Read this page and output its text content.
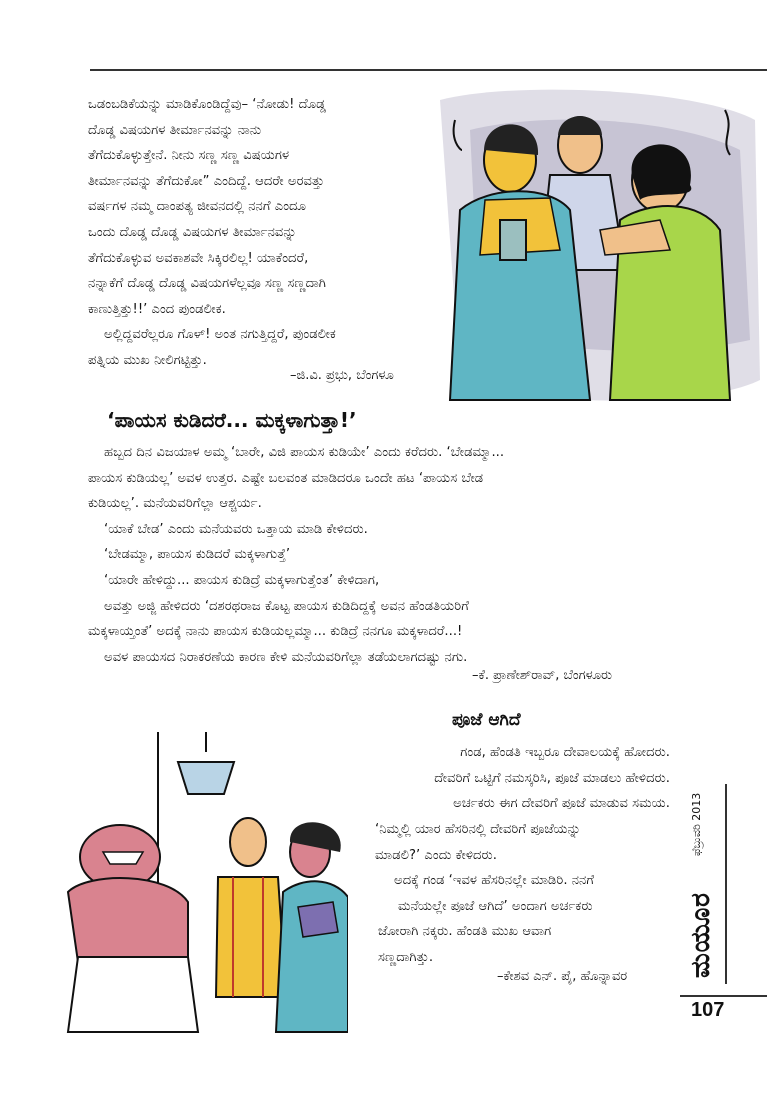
ಒಡಂಬಡಿಕೆಯನ್ನು ಮಾಡಿಕೊಂಡಿದ್ದೆವು– ‘ನೋಡು! ದೊಡ್ಡ
ದೊಡ್ಡ ವಿಷಯಗಳ ತೀರ್ಮಾನವನ್ನು ನಾನು
ತೆಗೆದುಕೊಳ್ಳುತ್ತೇನೆ. ನೀನು ಸಣ್ಣ ಸಣ್ಣ ವಿಷಯಗಳ
ತೀರ್ಮಾನವನ್ನು ತೆಗೆದುಕೋ” ಎಂದಿದ್ದೆ. ಆದರೇ ಅರವತ್ತು
ವರ್ಷಗಳ ನಮ್ಮ ದಾಂಪತ್ಯ ಜೀವನದಲ್ಲಿ ನನಗೆ ಎಂದೂ
ಒಂದು ದೊಡ್ಡ ದೊಡ್ಡ ವಿಷಯಗಳ ತೀರ್ಮಾನವನ್ನು
ತೆಗೆದುಕೊಳ್ಳುವ ಅವಕಾಶವೇ ಸಿಕ್ಕಿರಲಿಲ್ಲ! ಯಾಕೆಂದರೆ,
ನನ್ನಾಕೆಗೆ ದೊಡ್ಡ ದೊಡ್ಡ ವಿಷಯಗಳೆಲ್ಲವೂ ಸಣ್ಣ ಸಣ್ಣದಾಗಿ
ಕಾಣುತ್ತಿತ್ತು!!’ ಎಂದ ಪುಂಡಲೀಕ.
ಅಲ್ಲಿದ್ದವರೆಲ್ಲರೂ ಗೊಳ್! ಅಂತ ನಗುತ್ತಿದ್ದರೆ, ಪುಂಡಲೀಕ
ಪತ್ನಿಯ ಮುಖ ನೀಲಿಗಟ್ಟಿತ್ತು.
–ಜಿ.ವಿ. ಪ್ರಭು, ಬೆಂಗಳೂ
‘ಪಾಯಸ ಕುಡಿದರೆ... ಮಕ್ಕಳಾಗುತ್ತಾ!’
ಹಬ್ಬದ ದಿನ ವಿಜಯಾಳ ಅಮ್ಮ ‘ಬಾರೇ, ವಿಜಿ ಪಾಯಸ ಕುಡಿಯೇ’ ಎಂದು ಕರೆದರು. ‘ಬೇಡಮ್ಮಾ...
ಪಾಯಸ ಕುಡಿಯಲ್ಲ’ ಅವಳ ಉತ್ತರ. ಎಷ್ಟೇ ಬಲವಂತ ಮಾಡಿದರೂ ಒಂದೇ ಹಟ ‘ಪಾಯಸ ಬೇಡ
ಕುಡಿಯಲ್ಲ’. ಮನೆಯವರಿಗೆಲ್ಲಾ ಆಶ್ಚರ್ಯ.
‘ಯಾಕೆ ಬೇಡ’ ಎಂದು ಮನೆಯವರು ಒತ್ತಾಯ ಮಾಡಿ ಕೇಳಿದರು.
‘ಬೇಡಮ್ಮಾ, ಪಾಯಸ ಕುಡಿದರೆ ಮಕ್ಕಳಾಗುತ್ತೆ’
‘ಯಾರೇ ಹೇಳಿದ್ದು... ಪಾಯಸ ಕುಡಿದ್ರೆ ಮಕ್ಕಳಾಗುತ್ತೆಂತ’ ಕೇಳಿದಾಗ,
ಅವತ್ತು ಅಜ್ಜಿ ಹೇಳಿದರು ‘ದಶರಥರಾಜ ಕೊಟ್ಟ ಪಾಯಸ ಕುಡಿದಿದ್ದಕ್ಕೆ ಅವನ ಹೆಂಡತಿಯರಿಗೆ
ಮಕ್ಕಳಾಯ್ತಂತೆ’ ಅದಕ್ಕೆ ನಾನು ಪಾಯಸ ಕುಡಿಯಲ್ಲಮ್ಮಾ... ಕುಡಿದ್ರೆ ನನಗೂ ಮಕ್ಕಳಾದರೆ...!
ಅವಳ ಪಾಯಸದ ನಿರಾಕರಣೆಯ ಕಾರಣ ಕೇಳಿ ಮನೆಯವರಿಗೆಲ್ಲಾ ತಡೆಯಲಾಗದಷ್ಟು ನಗು.
–ಕೆ. ಪ್ರಾಣೇಶ್‌ರಾವ್, ಬೆಂಗಳೂರು
ಪೂಜೆ ಆಗಿದೆ
ಗಂಡ, ಹೆಂಡತಿ ಇಬ್ಬರೂ ದೇವಾಲಯಕ್ಕೆ ಹೋದರು.
ದೇವರಿಗೆ ಒಟ್ಟಿಗೆ ನಮಸ್ಕರಿಸಿ, ಪೂಜೆ ಮಾಡಲು ಹೇಳಿದರು.
ಅರ್ಚಕರು ಈಗ ದೇವರಿಗೆ ಪೂಜೆ ಮಾಡುವ ಸಮಯ.
‘ನಿಮ್ಮಲ್ಲಿ ಯಾರ ಹೆಸರಿನಲ್ಲಿ ದೇವರಿಗೆ ಪೂಜೆಯನ್ನು
ಮಾಡಲಿ?’ ಎಂದು ಕೇಳಿದರು.
ಅದಕ್ಕೆ ಗಂಡ ‘ಇವಳ ಹೆಸರಿನಲ್ಲೇ ಮಾಡಿರಿ. ನನಗೆ
ಮನೆಯಲ್ಲೇ ಪೂಜೆ ಆಗಿದೆ’ ಅಂದಾಗ ಅರ್ಚಕರು
ಜೋರಾಗಿ ನಕ್ಕರು. ಹೆಂಡತಿ ಮುಖ ಆವಾಗ
ಸಣ್ಣದಾಗಿತ್ತು.
–ಕೇಶವ ಎನ್. ಪೈ, ಹೊನ್ನಾವರ ಮಯೂರ
ಫೆಬ್ರುವರಿ 2013
107
